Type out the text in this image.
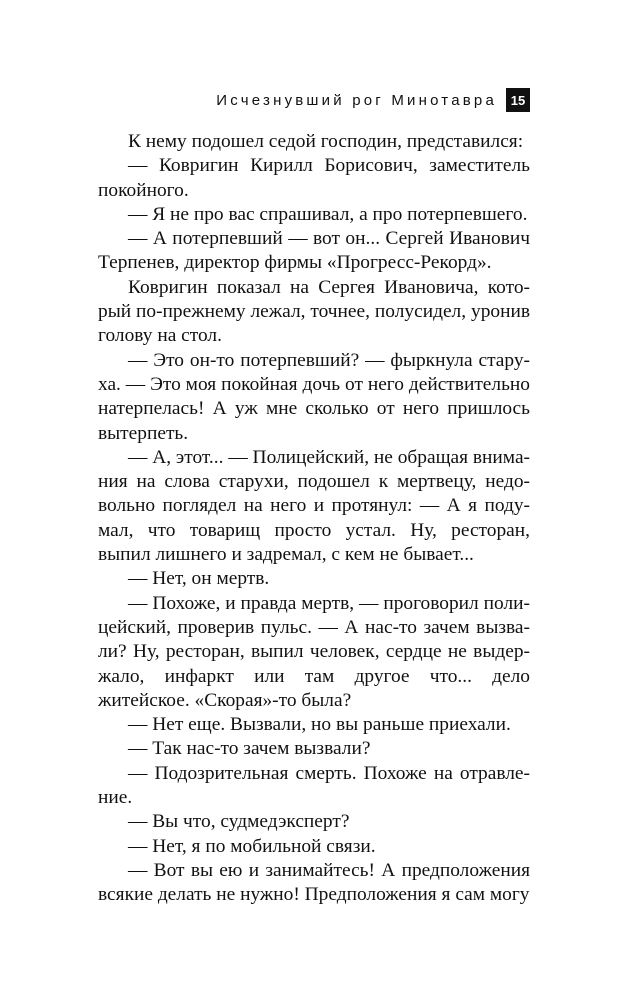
Исчезнувший рог Минотавра	15

К нему подошел седой господин, представился:

— Ковригин Кирилл Борисович, заместитель покойного.

— Я не про вас спрашивал, а про потерпевшего.

— А потерпевший — вот он... Сергей Иванович Терпенев, директор фирмы «Прогресс-Рекорд».

Ковригин показал на Сергея Ивановича, который по-прежнему лежал, точнее, полусидел, уронив голову на стол.

— Это он-то потерпевший? — фыркнула старуха. — Это моя покойная дочь от него действительно натерпелась! А уж мне сколько от него пришлось вытерпеть.

— А, этот... — Полицейский, не обращая внимания на слова старухи, подошел к мертвецу, недовольно поглядел на него и протянул: — А я подумал, что товарищ просто устал. Ну, ресторан, выпил лишнего и задремал, с кем не бывает...

— Нет, он мертв.

— Похоже, и правда мертв, — проговорил полицейский, проверив пульс. — А нас-то зачем вызвали? Ну, ресторан, выпил человек, сердце не выдержало, инфаркт или там другое что... дело житейское. «Скорая»-то была?

— Нет еще. Вызвали, но вы раньше приехали.

— Так нас-то зачем вызвали?

— Подозрительная смерть. Похоже на отравление.

— Вы что, судмедэксперт?

— Нет, я по мобильной связи.

— Вот вы ею и занимайтесь! А предположения всякие делать не нужно! Предположения я сам могу
